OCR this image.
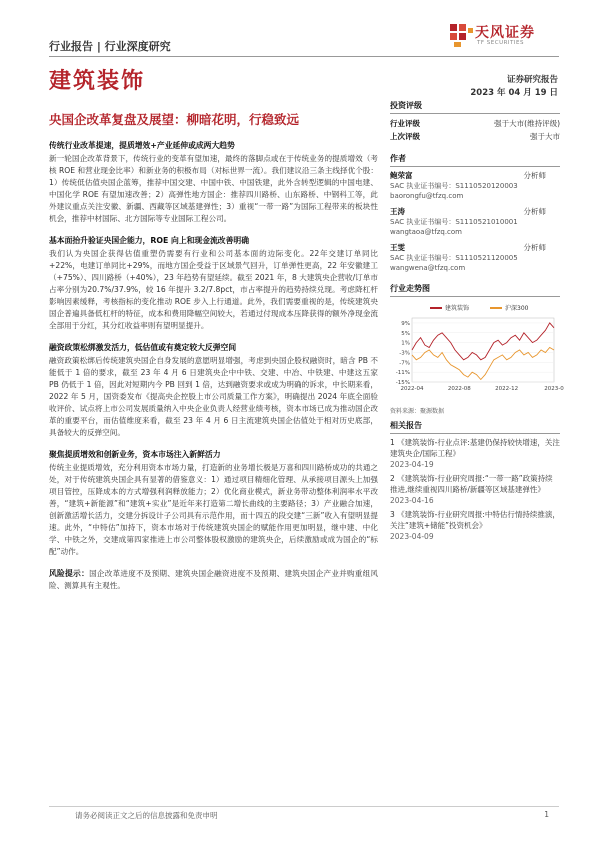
行业报告 | 行业深度研究
天风证券
TF SECURITIES
建筑装饰	证券研究报告
2023 年 04 月 19 日
央国企改革复盘及展望：柳暗花明，行稳致远
传统行业改革提速，提质增效+产业延伸或成两大趋势

新一轮国企改革背景下，传统行业的变革有望加速，最终的落脚点或在于传统业务的提质增效（考核 ROE 和营业现金比率）和新业务的积极布局（对标世界一流）。我们建议沿三条主线择优个股：1）传统低估值央国企蓝筹，推荐中国交建、中国中铁、中国铁建，此外含转型逻辑的中国电建、中国化学 ROE 有望加速改善；2）高弹性地方国企：推荐四川路桥、山东路桥、中钢科工等，此外建议重点关注安徽、新疆、西藏等区域基建弹性；3）重视“一带一路”为国际工程带来的板块性机会，推荐中材国际、北方国际等专业国际工程公司。

基本面抬升验证央国企能力，ROE 向上和现金流改善明确

我们认为央国企获得估值重塑仍需要有行业和公司基本面的边际变化。22年交建订单同比+22%，电建订单同比+29%，而地方国企受益于区域景气回升，订单弹性更高，22 年安徽建工（+75%）、四川路桥（+40%），23 年趋势有望延续。截至 2021 年，8 大建筑央企营收/订单市占率分别为20.7%/37.9%，较 16 年提升 3.2/7.8pct，市占率提升的趋势持续兑现。考虑降杠杆影响因素缓释，考核指标的变化推动 ROE 步入上行通道。此外，我们需要重视的是，传统建筑央国企普遍具备低杠杆的特征，成本和费用降幅空间较大，若通过付现成本压降获得的额外净现金流全部用于分红，其分红收益率则有望明显提升。

融资政策松绑激发活力，低估值或有奠定较大反弹空间

融资政策松绑后传统建筑央国企自身发展的意愿明显增强，考虑到央国企股权融资时，暗含 PB 不能低于 1 倍的要求，截至 23 年 4 月 6 日建筑央企中中铁、交建、中冶、中铁建、中建这五家 PB 仍低于 1 倍，因此对短期内今 PB 回到 1 倍，达到融资要求或成为明确的诉求，中长期来看，2022 年 5 月，国资委发布《提高央企控股上市公司质量工作方案》，明确提出 2024 年底全面验收评价、试点将上市公司发展质量纳入中央企业负责人经营业绩考核，资本市场已成为推动国企改革的重要平台，而估值维度来看，截至 23 年 4 月 6 日主流建筑央国企估值处于相对历史底部，具备较大的反弹空间。

聚焦提质增效和创新业务，资本市场注入新鲜活力

传统主业提质增效，充分利用资本市场力量，打造新的业务增长极是万喜和四川路桥成功的共通之处，对于传统建筑央国企具有显著的借鉴意义：1）通过项目精细化管理、从承接项目源头上加强项目管控，压降成本的方式增强利润释放能力；2）优化商业模式，新业务带动整体利润率水平改善，“建筑+新能源”和“建筑+实业”是近年来打造第二增长曲线的主要路径；3）产业融合加速，创新激活增长活力，交建分拆设计子公司具有示范作用，而十四五的段交建“三新”收入有望明显提速。此外，“中特估”加持下，资本市场对于传统建筑央国企的赋能作用更加明显，继中建、中化学、中铁之外，交建成第四家推进上市公司整体股权激励的建筑央企，后续激励或成为国企的“标配”动作。

风险提示：国企改革进度不及预期、建筑央国企融资进度不及预期、建筑央国企产业并购重组风险、测算具有主观性。

投资评级
行业评级	强于大市(维持评级)
上次评级	强于大市
作者
鲍荣富	分析师
SAC 执业证书编号：S1110520120003
baorongfu@tfzq.com
王涛	分析师
SAC 执业证书编号：S1110521010001
wangtaoa@tfzq.com
王雯	分析师
SAC 执业证书编号：S1110521120005
wangwena@tfzq.com
行业走势图
9%
5%
1%
-3%
-7%
-11%
-15%
2022-04	2022-08	2022-12	2023-0
建筑装饰	沪深300
资料来源：聚源数据
相关报告
1 《建筑装饰-行业点评:基建仍保持较快增速，关注建筑央企/国际工程》
2023-04-19
2 《建筑装饰-行业研究周报:“一带一路”政策持续推进,继续重视四川路桥/新疆等区域基建弹性》
2023-04-16
3 《建筑装饰-行业研究周报:中特估行情持续推演，关注“建筑+储能”投资机会》
2023-04-09
请务必阅读正文之后的信息披露和免责申明	1
